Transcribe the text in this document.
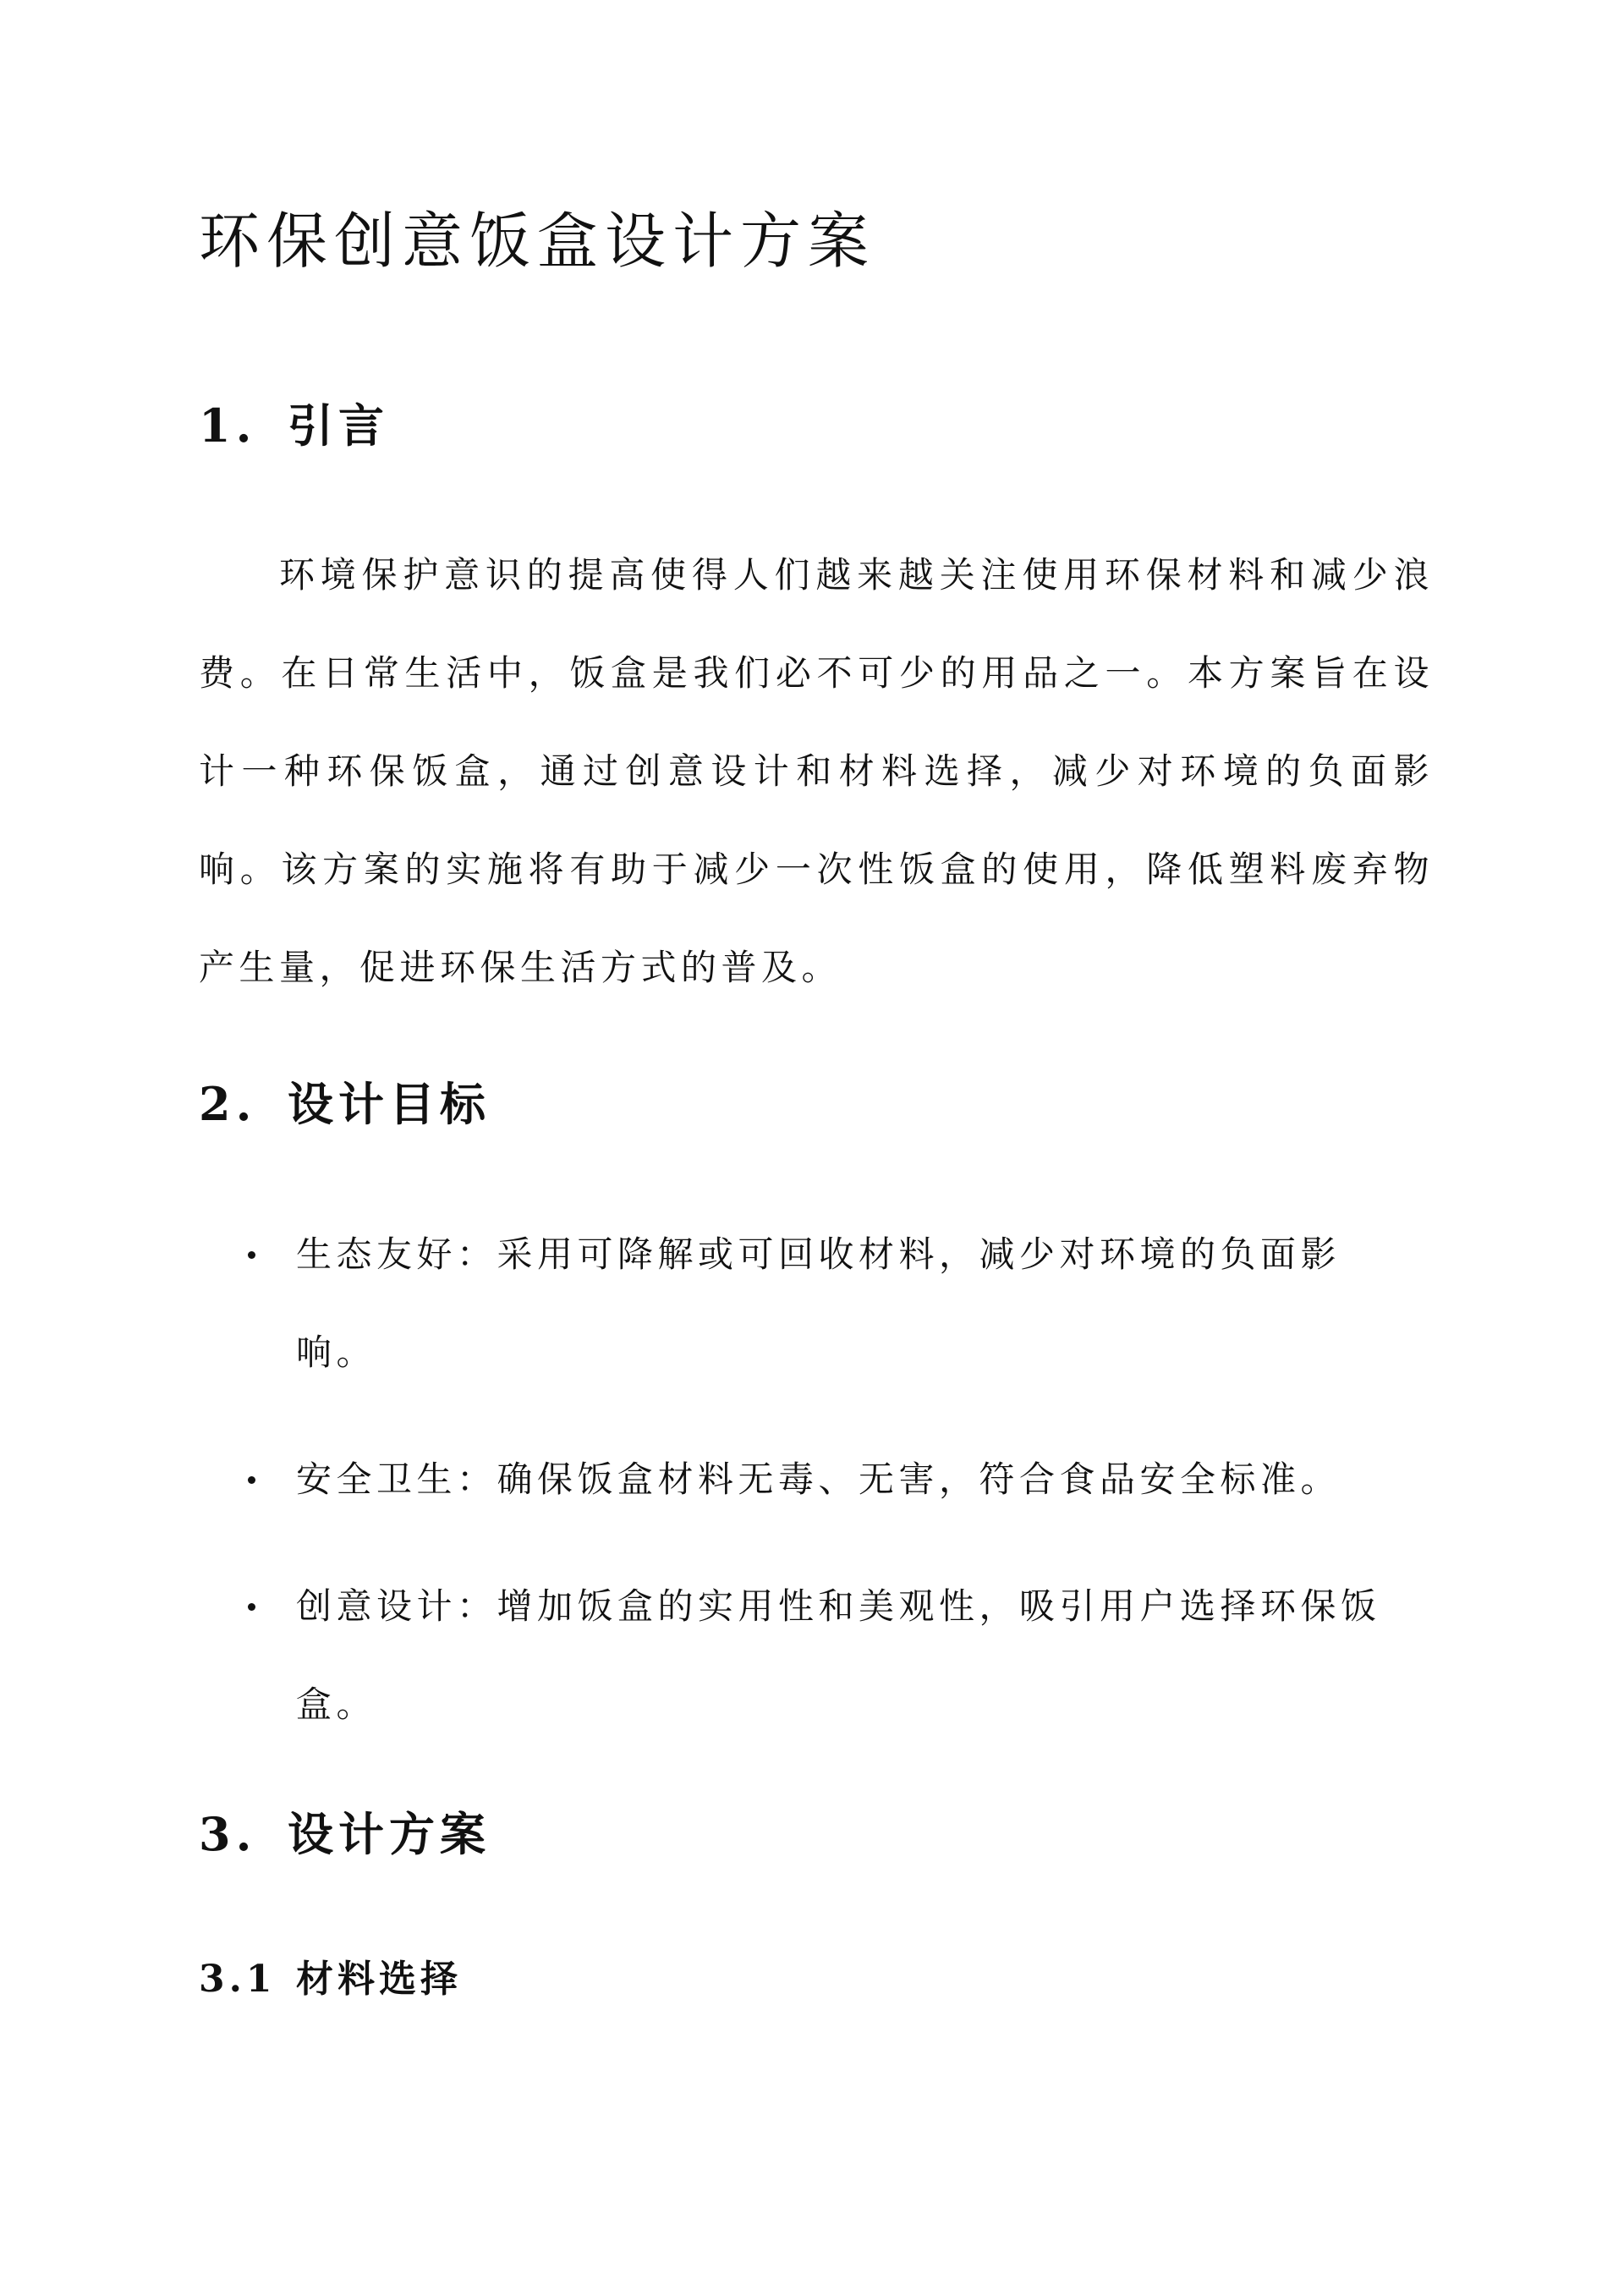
环保创意饭盒设计方案
1. 引言

环境保护意识的提高使得人们越来越关注使用环保材料和减少浪费。在日常生活中，饭盒是我们必不可少的用品之一。本方案旨在设计一种环保饭盒，通过创意设计和材料选择，减少对环境的负面影响。该方案的实施将有助于减少一次性饭盒的使用，降低塑料废弃物产生量，促进环保生活方式的普及。

2. 设计目标
生态友好：采用可降解或可回收材料，减少对环境的负面影响。
安全卫生：确保饭盒材料无毒、无害，符合食品安全标准。
创意设计：增加饭盒的实用性和美观性，吸引用户选择环保饭盒。
3. 设计方案
3.1 材料选择
